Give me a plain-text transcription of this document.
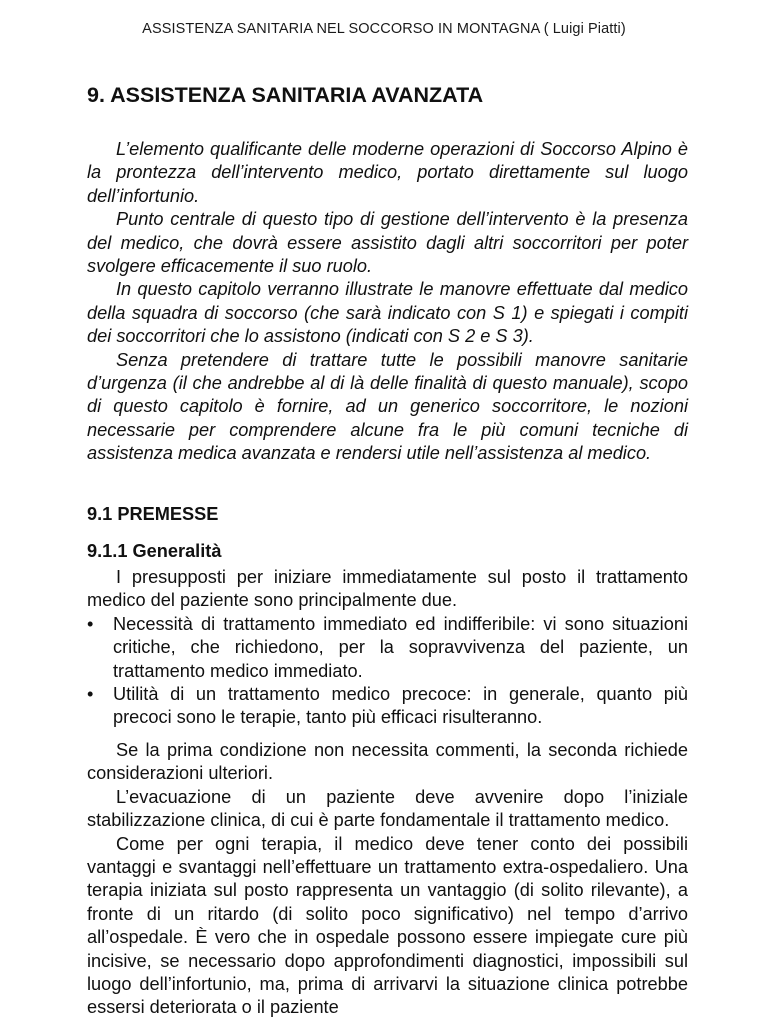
ASSISTENZA SANITARIA NEL SOCCORSO IN MONTAGNA ( Luigi Piatti)
9. ASSISTENZA SANITARIA AVANZATA

L’elemento qualificante delle moderne operazioni di Soccorso Alpino è la prontezza dell’intervento medico, portato direttamente sul luogo dell’infortunio.

Punto centrale di questo tipo di gestione dell’intervento è la presenza del medico, che dovrà essere assistito dagli altri soccorritori per poter svolgere efficacemente il suo ruolo.

In questo capitolo verranno illustrate le manovre effettuate dal medico della squadra di soccorso (che sarà indicato con S 1) e spiegati i compiti dei soccorritori che lo assistono (indicati con S 2 e S 3).

Senza pretendere di trattare tutte le possibili manovre sanitarie d’urgenza (il che andrebbe al di là delle finalità di questo manuale), scopo di questo capitolo è fornire, ad un generico soccorritore, le nozioni necessarie per comprendere alcune fra le più comuni tecniche di assistenza medica avanzata e rendersi utile nell’assistenza al medico.

9.1 PREMESSE
9.1.1 Generalità

I presupposti per iniziare immediatamente sul posto il trattamento medico del paziente sono principalmente due.

• Necessità di trattamento immediato ed indifferibile: vi sono situazioni critiche, che richiedono, per la sopravvivenza del paziente, un trattamento medico immediato.
• Utilità di un trattamento medico precoce: in generale, quanto più precoci sono le terapie, tanto più efficaci risulteranno.

Se la prima condizione non necessita commenti, la seconda richiede considerazioni ulteriori.

L’evacuazione di un paziente deve avvenire dopo l’iniziale stabilizzazione clinica, di cui è parte fondamentale il trattamento medico.

Come per ogni terapia, il medico deve tener conto dei possibili vantaggi e svantaggi nell’effettuare un trattamento extra-ospedaliero. Una terapia iniziata sul posto rappresenta un vantaggio (di solito rilevante), a fronte di un ritardo (di solito poco significativo) nel tempo d’arrivo all’ospedale. È vero che in ospedale possono essere impiegate cure più incisive, se necessario dopo approfondimenti diagnostici, impossibili sul luogo dell’infortunio, ma, prima di arrivarvi la situazione clinica potrebbe essersi deteriorata o il paziente
